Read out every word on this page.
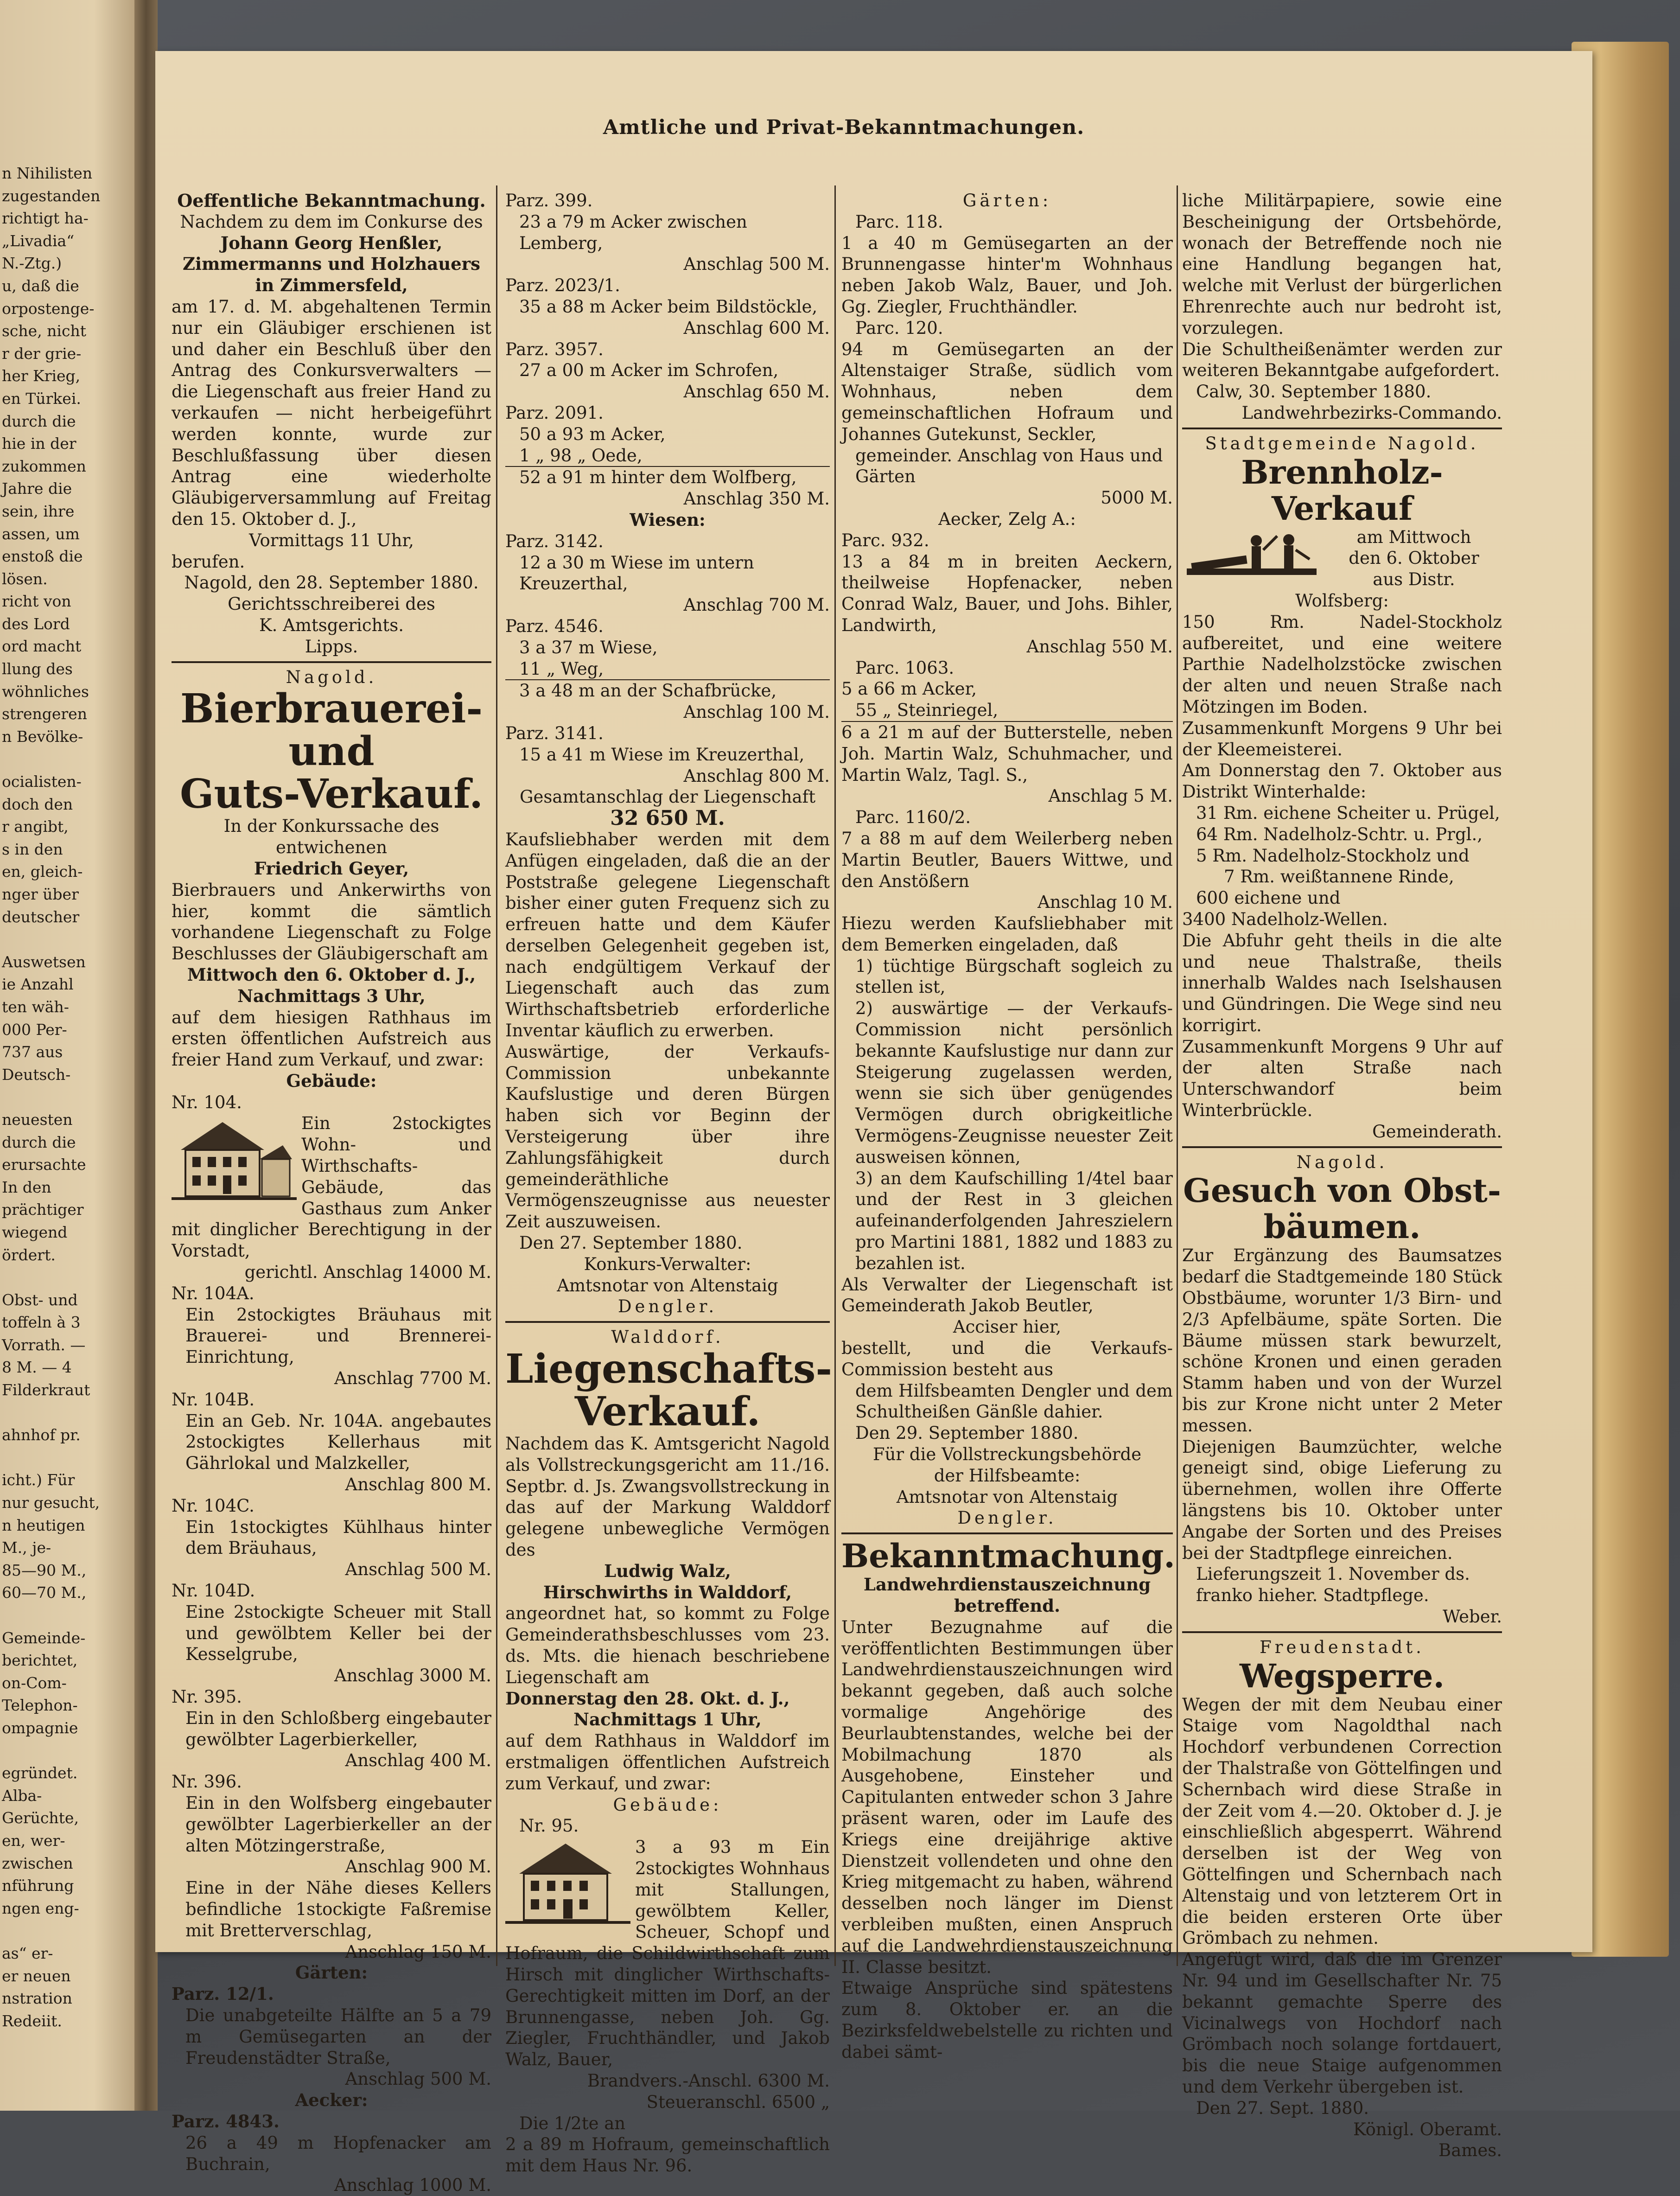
n Nihilisten
zugestanden
richtigt ha-
„Livadia“
N.-Ztg.)
u, daß die
orpostenge-
sche, nicht
r der grie-
her Krieg,
en Türkei.
durch die
hie in der
zukommen
Jahre die
sein, ihre
assen, um
enstoß die
lösen.
richt von
des Lord
ord macht
llung des
wöhnliches
strengeren
n Bevölke-

ocialisten-
doch den
r angibt,
s in den
en, gleich-
nger über
deutscher

Auswetsen
ie Anzahl
ten wäh-
000 Per-
737 aus
Deutsch-

neuesten
durch die
erursachte
In den
prächtiger
wiegend
ördert.

Obst- und
toffeln à 3
Vorrath. —
8 M. — 4
Filderkraut

ahnhof pr.

icht.) Für
nur gesucht,
n heutigen
M., je-
85—90 M.,
60—70 M.,

Gemeinde-
berichtet,
on-Com-
Telephon-
ompagnie

egründet.
Alba-
Gerüchte,
en, wer-
zwischen
nführung
ngen eng-

as“ er-
er neuen
nstration
Redeiit.
Amtliche und Privat-Bekanntmachungen.

Oeffentliche Bekanntmachung.

Nachdem zu dem im Conkurse des

Johann Georg Henßler,

Zimmermanns und Holzhauers

in Zimmersfeld,

am 17. d. M. abgehaltenen Termin nur ein Gläubiger erschienen ist und daher ein Beschluß über den Antrag des Conkursverwalters — die Liegenschaft aus freier Hand zu verkaufen — nicht herbeigeführt werden konnte, wurde zur Beschlußfassung über diesen Antrag eine wiederholte Gläubigerversammlung auf Freitag den 15. Oktober d. J.,

Vormittags 11 Uhr,

berufen.

Nagold, den 28. September 1880.

Gerichtsschreiberei des

K. Amtsgerichts.

Lipps.

Nagold.

Bierbrauerei- und

Guts-Verkauf.

In der Konkurssache des entwichenen

Friedrich Geyer,

Bierbrauers und Ankerwirths von hier, kommt die sämtlich vorhandene Liegenschaft zu Folge Beschlusses der Gläubigerschaft am

Mittwoch den 6. Oktober d. J.,

Nachmittags 3 Uhr,

auf dem hiesigen Rathhaus im ersten öffentlichen Aufstreich aus freier Hand zum Verkauf, und zwar:

Gebäude:

Nr. 104.

Ein 2stockigtes Wohn- und Wirthschafts-Gebäude, das Gasthaus zum Anker mit dinglicher Berechtigung in der Vorstadt,

gerichtl. Anschlag 14000 M.

Nr. 104A.

Ein 2stockigtes Bräuhaus mit Brauerei- und Brennerei-Einrichtung,

Anschlag 7700 M.

Nr. 104B.

Ein an Geb. Nr. 104A. angebautes 2stockigtes Kellerhaus mit Gährlokal und Malzkeller,

Anschlag 800 M.

Nr. 104C.

Ein 1stockigtes Kühlhaus hinter dem Bräuhaus,

Anschlag 500 M.

Nr. 104D.

Eine 2stockigte Scheuer mit Stall und gewölbtem Keller bei der Kesselgrube,

Anschlag 3000 M.

Nr. 395.

Ein in den Schloßberg eingebauter gewölbter Lagerbierkeller,

Anschlag 400 M.

Nr. 396.

Ein in den Wolfsberg eingebauter gewölbter Lagerbierkeller an der alten Mötzingerstraße,

Anschlag 900 M.

Eine in der Nähe dieses Kellers befindliche 1stockigte Faßremise mit Bretterverschlag,

Anschlag 150 M.

Gärten:

Parz. 12/1.

Die unabgeteilte Hälfte an 5 a 79 m Gemüsegarten an der Freudenstädter Straße,

Anschlag 500 M.

Aecker:

Parz. 4843.

26 a 49 m Hopfenacker am Buchrain,

Anschlag 1000 M.

Parz. 399.

23 a 79 m Acker zwischen Lemberg,

Anschlag 500 M.

Parz. 2023/1.

35 a 88 m Acker beim Bildstöckle,

Anschlag 600 M.

Parz. 3957.

27 a 00 m Acker im Schrofen,

Anschlag 650 M.

Parz. 2091.

50 a 93 m Acker,

1 „ 98 „ Oede,

52 a 91 m hinter dem Wolfberg,

Anschlag 350 M.

Wiesen:

Parz. 3142.

12 a 30 m Wiese im untern Kreuzerthal,

Anschlag 700 M.

Parz. 4546.

3 a 37 m Wiese,

11 „ Weg,

3 a 48 m an der Schafbrücke,

Anschlag 100 M.

Parz. 3141.

15 a 41 m Wiese im Kreuzerthal,

Anschlag 800 M.

Gesamtanschlag der Liegenschaft

32 650 M.

Kaufsliebhaber werden mit dem Anfügen eingeladen, daß die an der Poststraße gelegene Liegenschaft bisher einer guten Frequenz sich zu erfreuen hatte und dem Käufer derselben Gelegenheit gegeben ist, nach endgültigem Verkauf der Liegenschaft auch das zum Wirthschaftsbetrieb erforderliche Inventar käuflich zu erwerben.

Auswärtige, der Verkaufs-Commission unbekannte Kaufslustige und deren Bürgen haben sich vor Beginn der Versteigerung über ihre Zahlungsfähigkeit durch gemeinderäthliche Vermögenszeugnisse aus neuester Zeit auszuweisen.

Den 27. September 1880.

Konkurs-Verwalter:

Amtsnotar von Altenstaig

Dengler.

Walddorf.

Liegenschafts-

Verkauf.

Nachdem das K. Amtsgericht Nagold als Vollstreckungsgericht am 11./16. Septbr. d. Js. Zwangsvollstreckung in das auf der Markung Walddorf gelegene unbewegliche Vermögen des

Ludwig Walz,

Hirschwirths in Walddorf,

angeordnet hat, so kommt zu Folge Gemeinderathsbeschlusses vom 23. ds. Mts. die hienach beschriebene Liegenschaft am

Donnerstag den 28. Okt. d. J.,

Nachmittags 1 Uhr,

auf dem Rathhaus in Walddorf im erstmaligen öffentlichen Aufstreich zum Verkauf, und zwar:

Gebäude:

Nr. 95.

3 a 93 m Ein 2stockigtes Wohnhaus mit Stallungen, gewölbtem Keller, Scheuer, Schopf und Hofraum, die Schildwirthschaft zum Hirsch mit dinglicher Wirthschafts-Gerechtigkeit mitten im Dorf, an der Brunnengasse, neben Joh. Gg. Ziegler, Fruchthändler, und Jakob Walz, Bauer,

Brandvers.-Anschl. 6300 M.

Steueranschl. 6500 „

Die 1/2te an

2 a 89 m Hofraum, gemeinschaftlich mit dem Haus Nr. 96.

Gärten:

Parc. 118.

1 a 40 m Gemüsegarten an der Brunnengasse hinter'm Wohnhaus neben Jakob Walz, Bauer, und Joh. Gg. Ziegler, Fruchthändler.

Parc. 120.

94 m Gemüsegarten an der Altenstaiger Straße, südlich vom Wohnhaus, neben dem gemeinschaftlichen Hofraum und Johannes Gutekunst, Seckler,

gemeinder. Anschlag von Haus und Gärten

5000 M.

Aecker, Zelg A.:

Parc. 932.

13 a 84 m in breiten Aeckern, theilweise Hopfenacker, neben Conrad Walz, Bauer, und Johs. Bihler, Landwirth,

Anschlag 550 M.

Parc. 1063.

5 a 66 m Acker,

55 „ Steinriegel,

6 a 21 m auf der Butterstelle, neben Joh. Martin Walz, Schuhmacher, und Martin Walz, Tagl. S.,

Anschlag 5 M.

Parc. 1160/2.

7 a 88 m auf dem Weilerberg neben Martin Beutler, Bauers Wittwe, und den Anstößern

Anschlag 10 M.

Hiezu werden Kaufsliebhaber mit dem Bemerken eingeladen, daß

1) tüchtige Bürgschaft sogleich zu stellen ist,

2) auswärtige — der Verkaufs-Commission nicht persönlich bekannte Kaufslustige nur dann zur Steigerung zugelassen werden, wenn sie sich über genügendes Vermögen durch obrigkeitliche Vermögens-Zeugnisse neuester Zeit ausweisen können,

3) an dem Kaufschilling 1/4tel baar und der Rest in 3 gleichen aufeinanderfolgenden Jahreszielern pro Martini 1881, 1882 und 1883 zu bezahlen ist.

Als Verwalter der Liegenschaft ist Gemeinderath Jakob Beutler,

Acciser hier,

bestellt, und die Verkaufs-Commission besteht aus

dem Hilfsbeamten Dengler und dem Schultheißen Gänßle dahier.

Den 29. September 1880.

Für die Vollstreckungsbehörde

der Hilfsbeamte:

Amtsnotar von Altenstaig

Dengler.

Bekanntmachung.

Landwehrdienstauszeichnung

betreffend.

Unter Bezugnahme auf die veröffentlichten Bestimmungen über Landwehrdienstauszeichnungen wird bekannt gegeben, daß auch solche vormalige Angehörige des Beurlaubtenstandes, welche bei der Mobilmachung 1870 als Ausgehobene, Einsteher und Capitulanten entweder schon 3 Jahre präsent waren, oder im Laufe des Kriegs eine dreijährige aktive Dienstzeit vollendeten und ohne den Krieg mitgemacht zu haben, während desselben noch länger im Dienst verbleiben mußten, einen Anspruch auf die Landwehrdienstauszeichnung II. Classe besitzt.

Etwaige Ansprüche sind spätestens zum 8. Oktober er. an die Bezirksfeldwebelstelle zu richten und dabei sämt-

liche Militärpapiere, sowie eine Bescheinigung der Ortsbehörde, wonach der Betreffende noch nie eine Handlung begangen hat, welche mit Verlust der bürgerlichen Ehrenrechte auch nur bedroht ist, vorzulegen.

Die Schultheißenämter werden zur weiteren Bekanntgabe aufgefordert.

Calw, 30. September 1880.

Landwehrbezirks-Commando.

Stadtgemeinde Nagold.

Brennholz-Verkauf

am Mittwoch

den 6. Oktober

aus Distr. Wolfsberg:

150 Rm. Nadel-Stockholz aufbereitet, und eine weitere Parthie Nadelholzstöcke zwischen der alten und neuen Straße nach Mötzingen im Boden.

Zusammenkunft Morgens 9 Uhr bei der Kleemeisterei.

Am Donnerstag den 7. Oktober aus Distrikt Winterhalde:

31 Rm. eichene Scheiter u. Prügel,

64 Rm. Nadelholz-Schtr. u. Prgl.,

5 Rm. Nadelholz-Stockholz und

7 Rm. weißtannene Rinde,

600 eichene und

3400 Nadelholz-Wellen.

Die Abfuhr geht theils in die alte und neue Thalstraße, theils innerhalb Waldes nach Iselshausen und Gündringen. Die Wege sind neu korrigirt.

Zusammenkunft Morgens 9 Uhr auf der alten Straße nach Unterschwandorf beim Winterbrückle.

Gemeinderath.

Nagold.

Gesuch von Obst-

bäumen.

Zur Ergänzung des Baumsatzes bedarf die Stadtgemeinde 180 Stück Obstbäume, worunter 1/3 Birn- und 2/3 Apfelbäume, späte Sorten. Die Bäume müssen stark bewurzelt, schöne Kronen und einen geraden Stamm haben und von der Wurzel bis zur Krone nicht unter 2 Meter messen.

Diejenigen Baumzüchter, welche geneigt sind, obige Lieferung zu übernehmen, wollen ihre Offerte längstens bis 10. Oktober unter Angabe der Sorten und des Preises bei der Stadtpflege einreichen.

Lieferungszeit 1. November ds.

franko hieher. Stadtpflege.

Weber.

Freudenstadt.

Wegsperre.

Wegen der mit dem Neubau einer Staige vom Nagoldthal nach Hochdorf verbundenen Correction der Thalstraße von Göttelfingen und Schernbach wird diese Straße in der Zeit vom 4.—20. Oktober d. J. je einschließlich abgesperrt. Während derselben ist der Weg von Göttelfingen und Schernbach nach Altenstaig und von letzterem Ort in die beiden ersteren Orte über Grömbach zu nehmen.

Angefügt wird, daß die im Grenzer Nr. 94 und im Gesellschafter Nr. 75 bekannt gemachte Sperre des Vicinalwegs von Hochdorf nach Grömbach noch solange fortdauert, bis die neue Staige aufgenommen und dem Verkehr übergeben ist.

Den 27. Sept. 1880.

Königl. Oberamt.

Bames.
